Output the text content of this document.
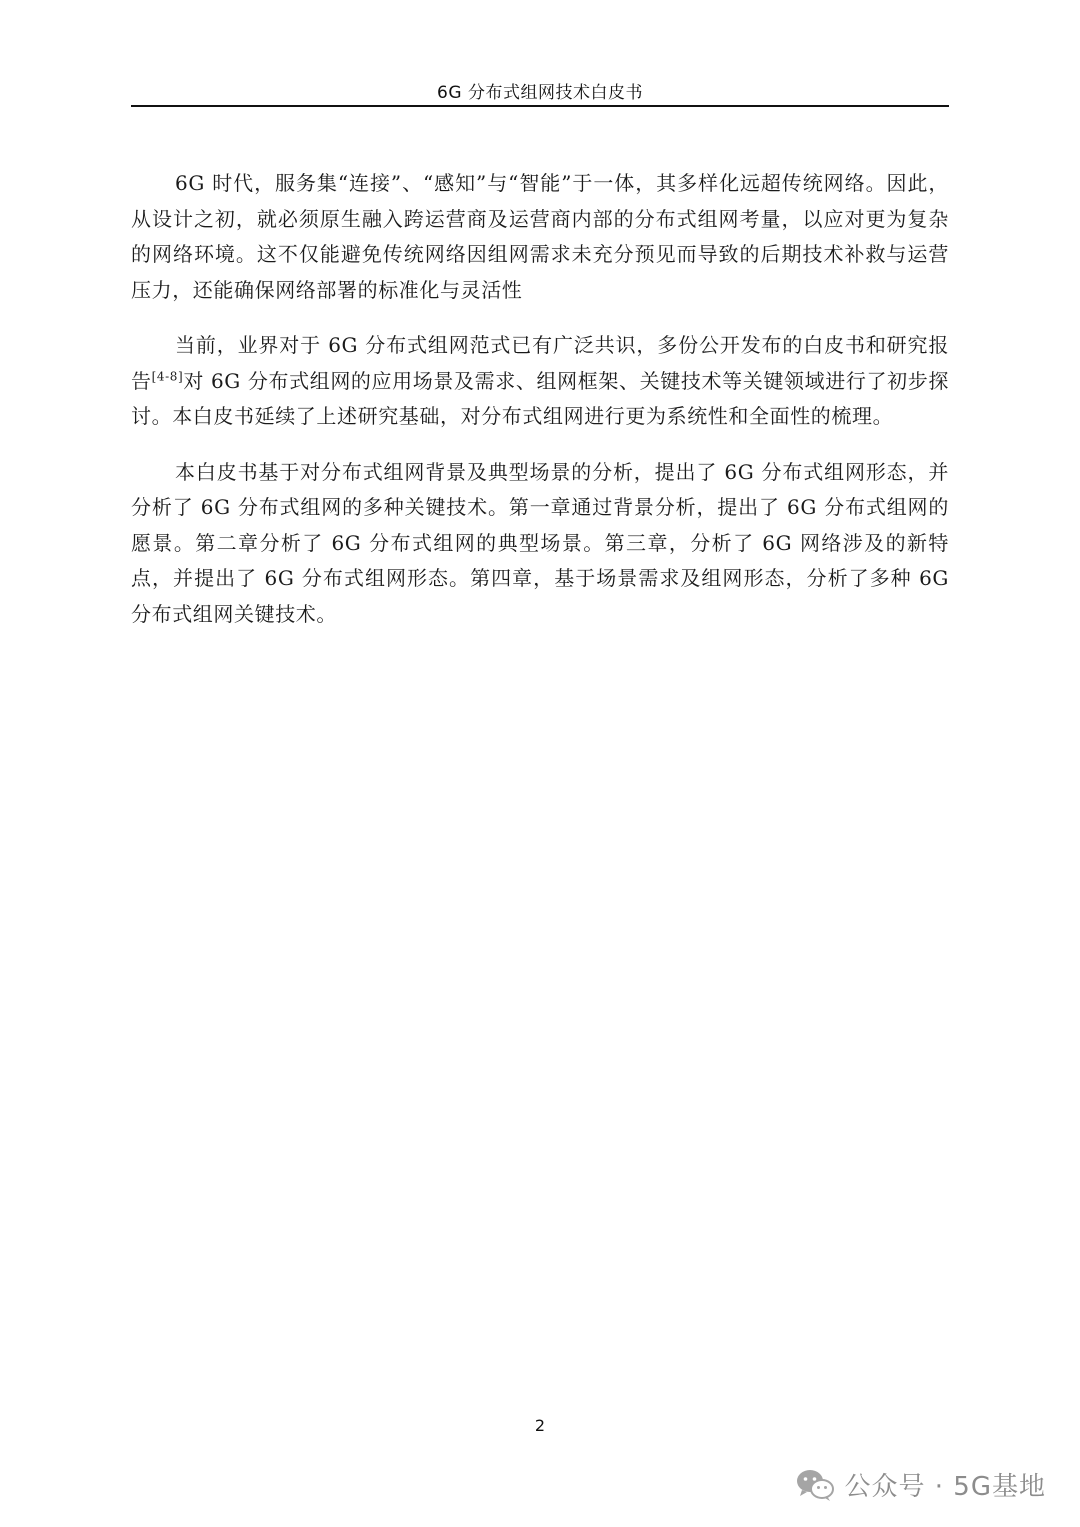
6G 分布式组网技术白皮书

6G 时代，服务集“连接”、“感知”与“智能”于一体，其多样化远超传统网络。因此，从设计之初，就必须原生融入跨运营商及运营商内部的分布式组网考量，以应对更为复杂的网络环境。这不仅能避免传统网络因组网需求未充分预见而导致的后期技术补救与运营压力，还能确保网络部署的标准化与灵活性

当前，业界对于 6G 分布式组网范式已有广泛共识，多份公开发布的白皮书和研究报告[4-8]对 6G 分布式组网的应用场景及需求、组网框架、关键技术等关键领域进行了初步探讨。本白皮书延续了上述研究基础，对分布式组网进行更为系统性和全面性的梳理。

本白皮书基于对分布式组网背景及典型场景的分析，提出了 6G 分布式组网形态，并分析了 6G 分布式组网的多种关键技术。第一章通过背景分析，提出了 6G 分布式组网的愿景。第二章分析了 6G 分布式组网的典型场景。第三章，分析了 6G 网络涉及的新特点，并提出了 6G 分布式组网形态。第四章，基于场景需求及组网形态，分析了多种 6G 分布式组网关键技术。

2
公众号 · 5G基地
